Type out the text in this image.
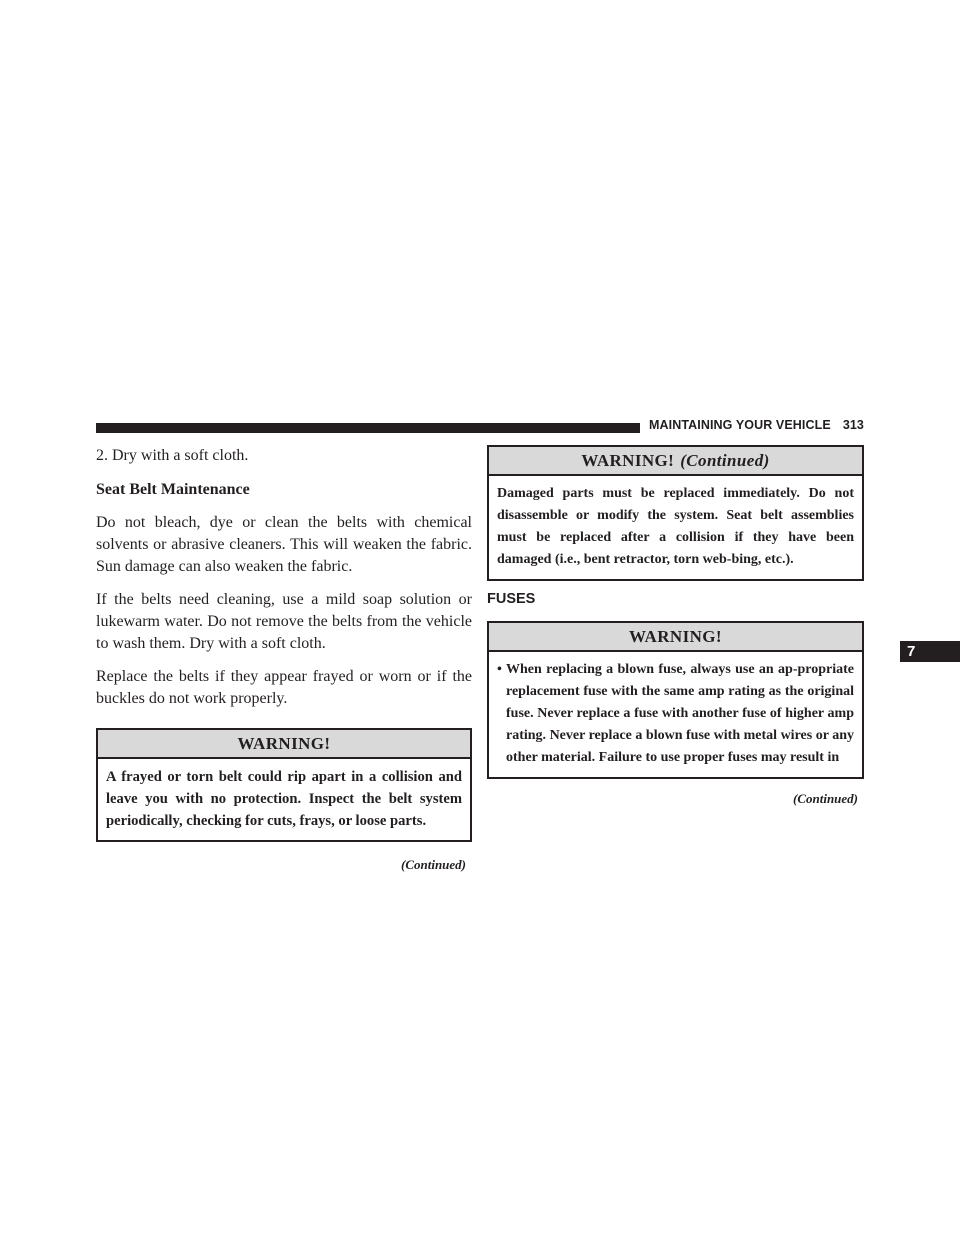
MAINTAINING YOUR VEHICLE 313

2. Dry with a soft cloth.

Seat Belt Maintenance

Do not bleach, dye or clean the belts with chemical solvents or abrasive cleaners. This will weaken the fabric. Sun damage can also weaken the fabric.

If the belts need cleaning, use a mild soap solution or lukewarm water. Do not remove the belts from the vehicle to wash them. Dry with a soft cloth.

Replace the belts if they appear frayed or worn or if the buckles do not work properly.

WARNING!
A frayed or torn belt could rip apart in a collision and leave you with no protection. Inspect the belt system periodically, checking for cuts, frays, or loose parts.

(Continued)

WARNING! (Continued)
Damaged parts must be replaced immediately. Do not disassemble or modify the system. Seat belt assemblies must be replaced after a collision if they have been damaged (i.e., bent retractor, torn web-bing, etc.).
FUSES
WARNING!
• When replacing a blown fuse, always use an ap-propriate replacement fuse with the same amp rating as the original fuse. Never replace a fuse with another fuse of higher amp rating. Never replace a blown fuse with metal wires or any other material. Failure to use proper fuses may result in

(Continued)

7
